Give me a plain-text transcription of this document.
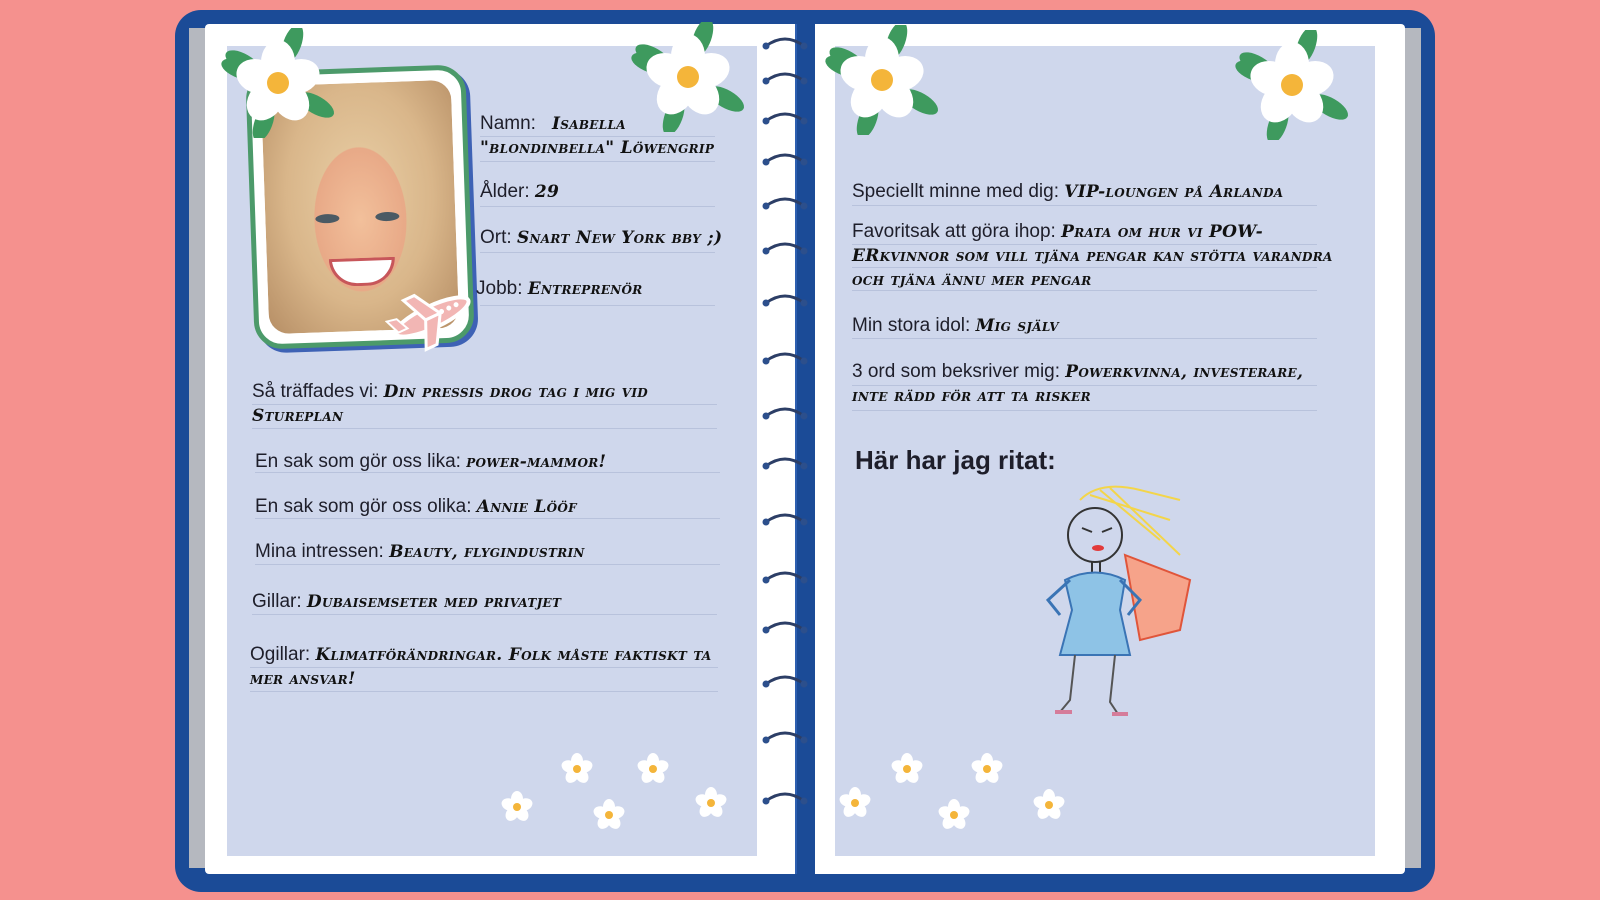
Namn: Isabella "blondinbella" Löwengrip
Ålder: 29
Ort: Snart New York bby ;)
Jobb: Entreprenör
Så träffades vi: Din pressis drog tag i mig vid Stureplan
En sak som gör oss lika: power-mammor!
En sak som gör oss olika: Annie Lööf
Mina intressen: Beauty, flygindustrin
Gillar: Dubaisemseter med privatjet
Ogillar: Klimatförändringar. Folk måste faktiskt ta mer ansvar!
Speciellt minne med dig: VIP-loungen på Arlanda
Favoritsak att göra ihop: Prata om hur vi POW-ERkvinnor som vill tjäna pengar kan stötta varandra och tjäna ännu mer pengar
Min stora idol: Mig själv
3 ord som beksriver mig: Powerkvinna, investerare, inte rädd för att ta risker
Här har jag ritat:
